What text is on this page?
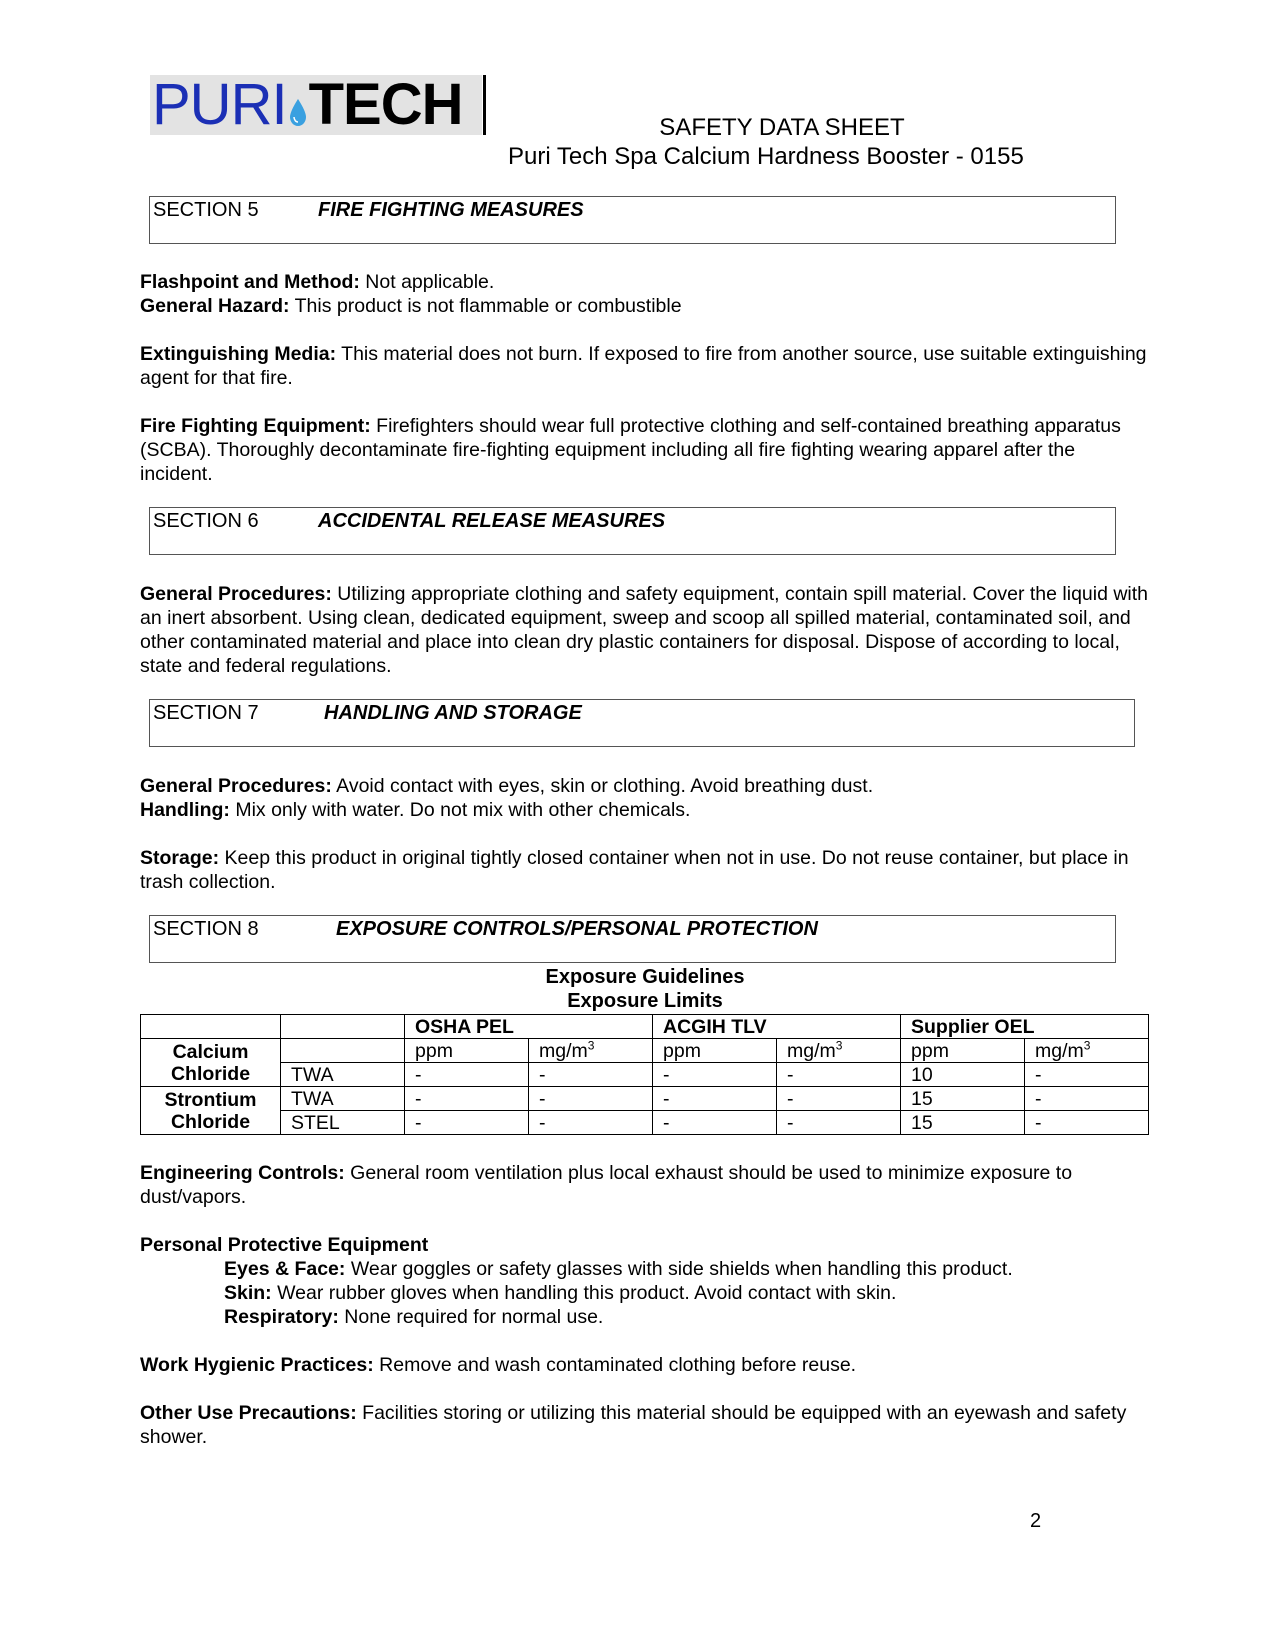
PURI TECH	SAFETY DATA SHEET
Puri Tech Spa Calcium Hardness Booster - 0155
SECTION 5	FIRE FIGHTING MEASURES

Flashpoint and Method: Not applicable.

General Hazard: This product is not flammable or combustible

Extinguishing Media: This material does not burn. If exposed to fire from another source, use suitable extinguishing agent for that fire.

Fire Fighting Equipment: Firefighters should wear full protective clothing and self-contained breathing apparatus (SCBA). Thoroughly decontaminate fire-fighting equipment including all fire fighting wearing apparel after the incident.

SECTION 6	ACCIDENTAL RELEASE MEASURES

General Procedures: Utilizing appropriate clothing and safety equipment, contain spill material. Cover the liquid with an inert absorbent. Using clean, dedicated equipment, sweep and scoop all spilled material, contaminated soil, and other contaminated material and place into clean dry plastic containers for disposal. Dispose of according to local, state and federal regulations.

SECTION 7	HANDLING AND STORAGE

General Procedures: Avoid contact with eyes, skin or clothing. Avoid breathing dust.

Handling: Mix only with water. Do not mix with other chemicals.

Storage: Keep this product in original tightly closed container when not in use. Do not reuse container, but place in trash collection.

SECTION 8	EXPOSURE CONTROLS/PERSONAL PROTECTION
Exposure Guidelines
Exposure Limits
		OSHA PEL		ACGIH TLV		Supplier OEL	
Calcium
Chloride		ppm	$mg/m^3$	ppm	$mg/m^3$	ppm	$mg/m^3$
	TWA	-	-	-	-	10	-
Strontium
Chloride	TWA	-	-	-	-	15	-
	STEL	-	-	-	-	15	-

Engineering Controls: General room ventilation plus local exhaust should be used to minimize exposure to dust/vapors.

Personal Protective Equipment

Eyes & Face: Wear goggles or safety glasses with side shields when handling this product.

Skin: Wear rubber gloves when handling this product. Avoid contact with skin.

Respiratory: None required for normal use.

Work Hygienic Practices: Remove and wash contaminated clothing before reuse.

Other Use Precautions: Facilities storing or utilizing this material should be equipped with an eyewash and safety shower.

2
